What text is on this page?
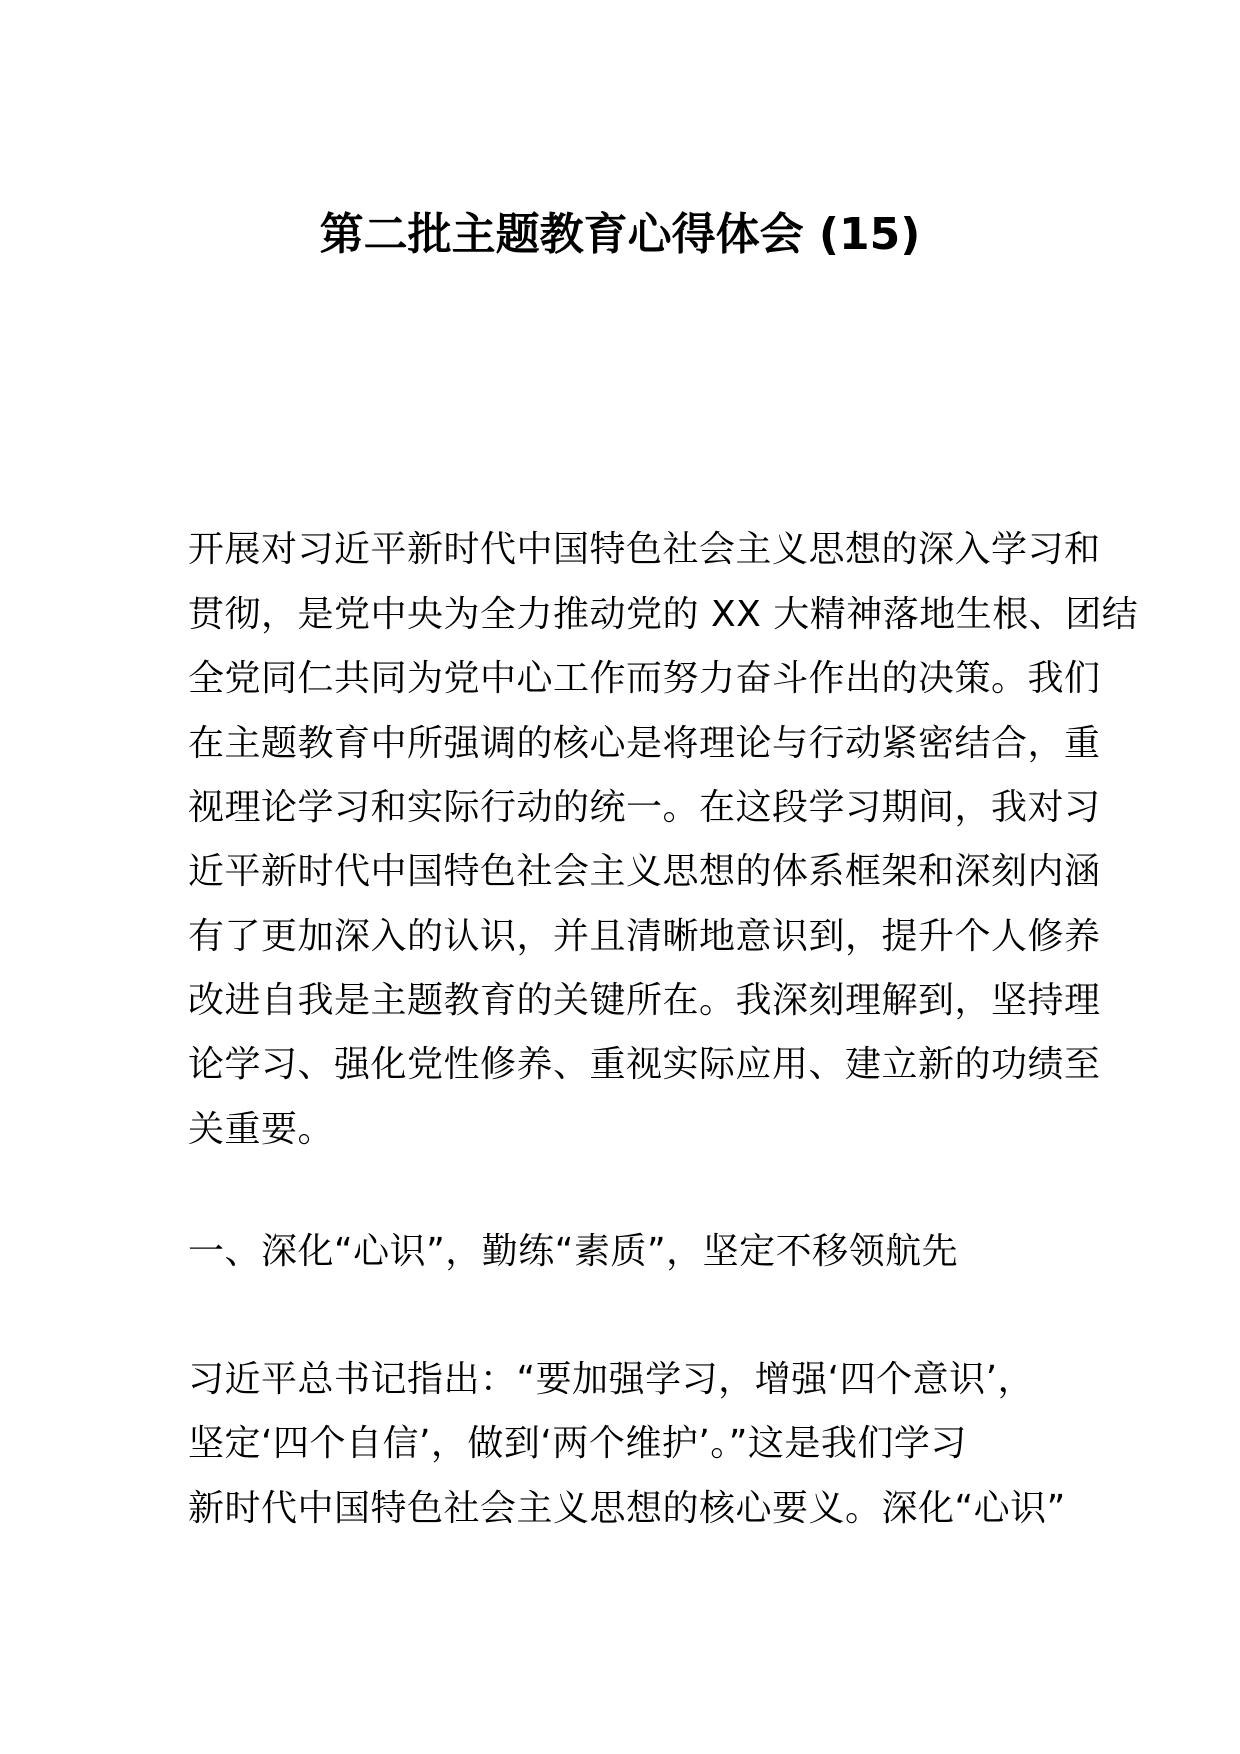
第二批主题教育心得体会 (15)
开展对习近平新时代中国特色社会主义思想的深入学习和
贯彻，是党中央为全力推动党的 XX 大精神落地生根、团结
全党同仁共同为党中心工作而努力奋斗作出的决策。我们
在主题教育中所强调的核心是将理论与行动紧密结合，重
视理论学习和实际行动的统一。在这段学习期间，我对习
近平新时代中国特色社会主义思想的体系框架和深刻内涵
有了更加深入的认识，并且清晰地意识到，提升个人修养
改进自我是主题教育的关键所在。我深刻理解到，坚持理
论学习、强化党性修养、重视实际应用、建立新的功绩至
关重要。
一、深化“心识”，勤练“素质”，坚定不移领航先
习近平总书记指出：“要加强学习，增强‘四个意识’，
坚定‘四个自信’，做到‘两个维护’。”这是我们学习
新时代中国特色社会主义思想的核心要义。深化“心识”
